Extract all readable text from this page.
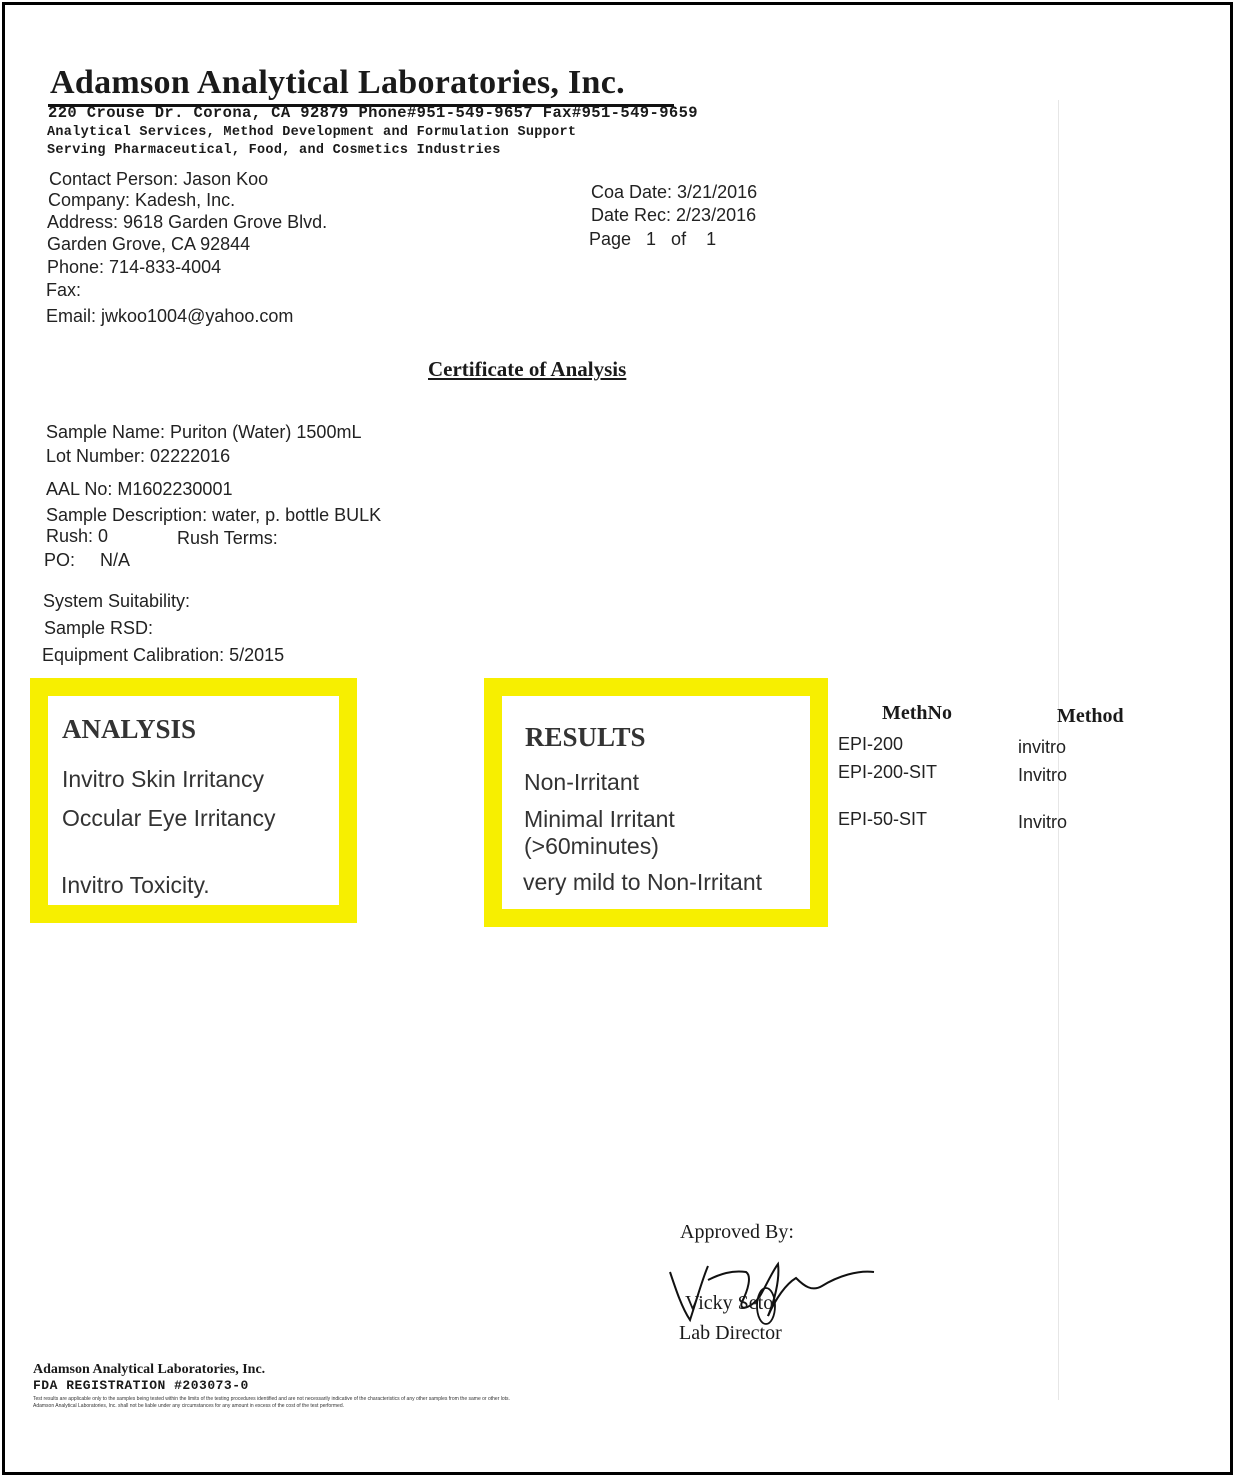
Adamson Analytical Laboratories, Inc.
220 Crouse Dr. Corona, CA 92879 Phone#951-549-9657 Fax#951-549-9659
Analytical Services, Method Development and Formulation Support
Serving Pharmaceutical, Food, and Cosmetics Industries
Contact Person: Jason Koo
Company: Kadesh, Inc.
Address: 9618 Garden Grove Blvd.
Garden Grove, CA 92844
Phone: 714-833-4004
Fax:
Email: jwkoo1004@yahoo.com
Coa Date: 3/21/2016
Date Rec: 2/23/2016
Page   1   of    1
Certificate of Analysis
Sample Name: Puriton (Water) 1500mL
Lot Number: 02222016
AAL No: M1602230001
Sample Description: water, p. bottle BULK
Rush: 0	Rush Terms:
PO:     N/A
System Suitability:
Sample RSD:
Equipment Calibration: 5/2015
ANALYSIS
Invitro Skin Irritancy
Occular Eye Irritancy
Invitro Toxicity.
RESULTS
Non-Irritant
Minimal Irritant
(>60minutes)
very mild to Non-Irritant
MethNo	Method
EPI-200	invitro
EPI-200-SIT	Invitro
EPI-50-SIT	Invitro
Approved By:
Vicky Seto
Lab Director
Adamson Analytical Laboratories, Inc.
FDA REGISTRATION #203073-0
Test results are applicable only to the samples being tested within the limits of the testing procedures identified and are not necessarily indicative of the characteristics of any other samples from the same or other lots.
Adamson Analytical Laboratories, Inc. shall not be liable under any circumstances for any amount in excess of the cost of the test performed.
